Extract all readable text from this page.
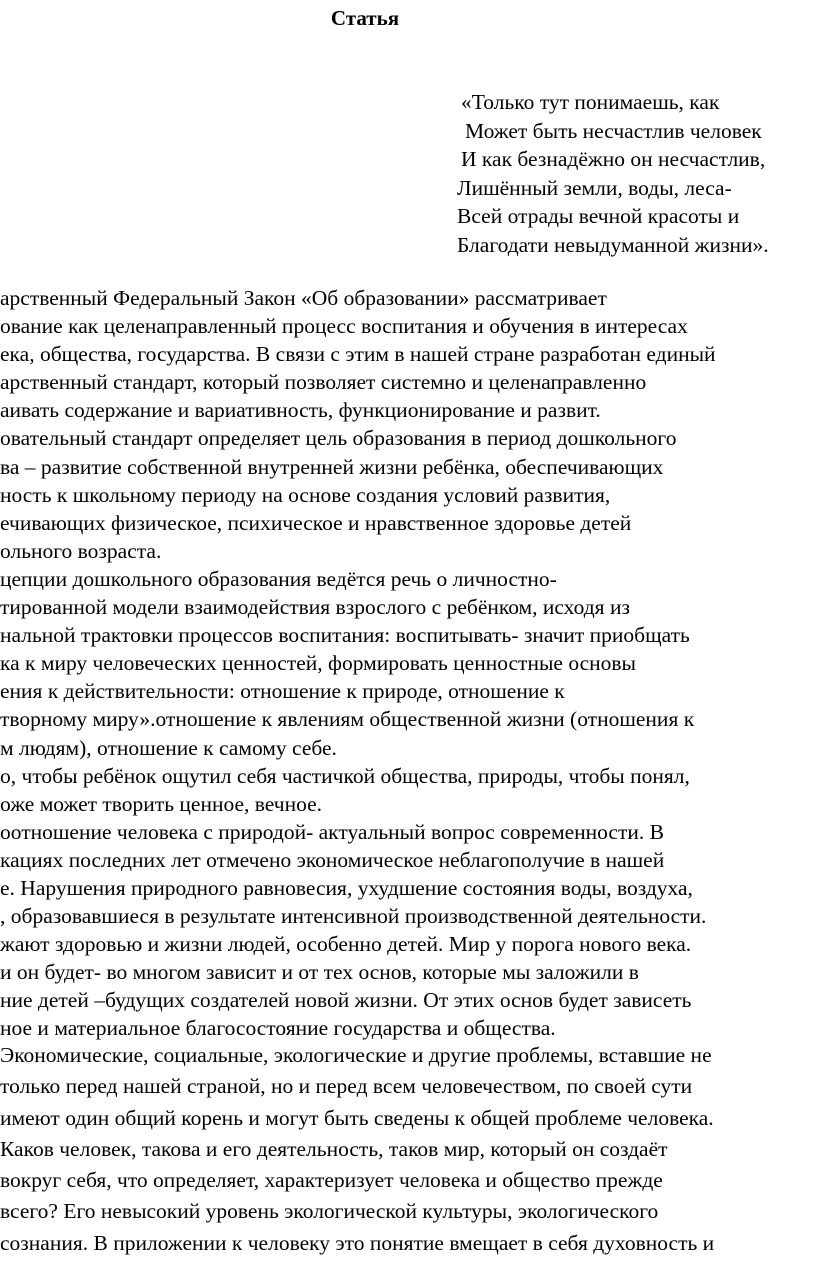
Статья
«Только тут понимаешь, как
Может быть несчастлив человек
И как безнадёжно он несчастлив,
Лишённый земли, воды, леса-
Всей отрады вечной красоты и
Благодати невыдуманной жизни».
арственный Федеральный Закон «Об образовании» рассматривает
ование как целенаправленный процесс воспитания и обучения в интересах
ека, общества, государства. В связи с этим в нашей стране разработан единый
арственный стандарт, который позволяет системно и целенаправленно
аивать содержание и вариативность, функционирование и развит.
овательный стандарт определяет цель образования в период дошкольного
ва – развитие собственной внутренней жизни ребёнка, обеспечивающих
ность к школьному периоду на основе создания условий развития,
ечивающих физическое, психическое и нравственное здоровье детей
ольного возраста.
цепции дошкольного образования ведётся речь о личностно-
тированной модели взаимодействия взрослого с ребёнком, исходя из
нальной трактовки процессов воспитания: воспитывать- значит приобщать
ка к миру человеческих ценностей, формировать ценностные основы
ения к действительности: отношение к природе, отношение к
творному миру».отношение к явлениям общественной жизни (отношения к
м людям), отношение к самому себе.
о, чтобы ребёнок ощутил себя частичкой общества, природы, чтобы понял,
оже может творить ценное, вечное.
оотношение человека с природой- актуальный вопрос современности. В
кациях последних лет отмечено экономическое неблагополучие в нашей
е. Нарушения природного равновесия, ухудшение состояния воды, воздуха,
, образовавшиеся в результате интенсивной производственной деятельности.
жают здоровью и жизни людей, особенно детей. Мир у порога нового века.
и он будет- во многом зависит и от тех основ, которые мы заложили в
ние детей –будущих создателей новой жизни. От этих основ будет зависеть
ное и материальное благосостояние государства и общества.
Экономические, социальные, экологические и другие проблемы, вставшие не
только перед нашей страной, но и перед всем человечеством, по своей сути
имеют один общий корень и могут быть сведены к общей проблеме человека.
Каков человек, такова и его деятельность, таков мир, который он создаёт
вокруг себя, что определяет, характеризует человека и общество прежде
всего? Его невысокий уровень экологической культуры, экологического
сознания. В приложении к человеку это понятие вмещает в себя духовность и
